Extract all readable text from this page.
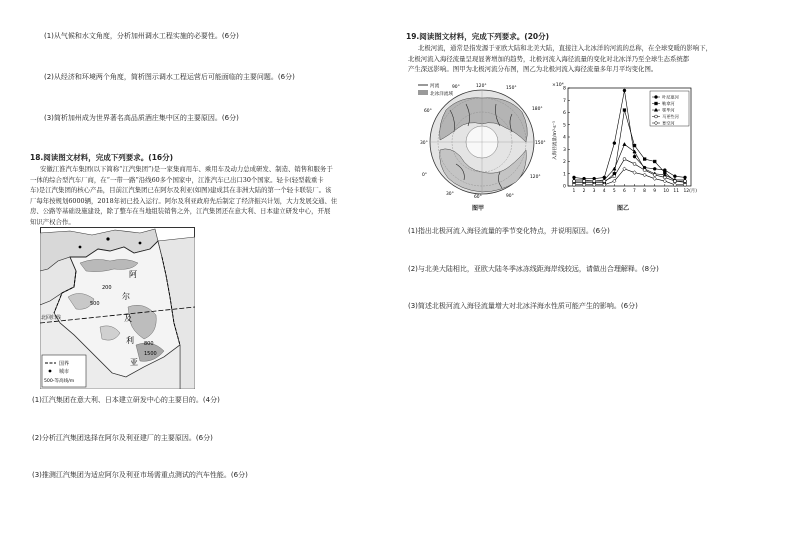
(1)从气候和水文角度，分析加州调水工程实施的必要性。(6分)
(2)从经济和环境两个角度，简析图示调水工程运营后可能面临的主要问题。(6分)
(3)简析加州成为世界著名高品质酒庄集中区的主要原因。(6分)
18.阅读图文材料，完成下列要求。(16分)
安徽江淮汽车集团(以下简称“江汽集团”)是一家集商用车、乘用车及动力总成研发、制造、销售和服务于
一体的综合型汽车厂商，在“一带一路”沿线60多个国家中，江淮汽车已出口30个国家。轻卡(轻型载重卡
车)是江汽集团的核心产品，目前江汽集团已在阿尔及利亚(如图)建成其在非洲大陆的第一个轻卡联装厂。该
厂每年按规划6000辆，2018年初已投入运行。阿尔及利亚政府先后制定了经济振兴计划，大力发展交通、住
房、公路等基础设施建设，除了整车在当地组装销售之外，江汽集团还在意大利、日本建立研发中心，开展
知识产权合作。
北回归线
200
500
800
1500
阿
尔
及
利
亚
国界
城市
500-等高线/m
(1)江汽集团在意大利、日本建立研发中心的主要目的。(4分)
(2)分析江汽集团选择在阿尔及利亚建厂的主要原因。(6分)
(3)推测江汽集团为适应阿尔及利亚市场需重点测试的汽车性能。(6分)
19.阅读图文材料，完成下列要求。(20分)
北极河流，通常是指发源于亚欧大陆和北美大陆，直接注入北冰洋的河流的总称，在全球变暖的影响下，
北极河流入海径流量呈现显著增加的趋势，北极河流入海径流量的变化对北冰洋乃至全球生态系统都
产生深远影响。图甲为北极河流分布图，图乙为北极河流入海径流量多年月平均变化图。
河流
北冰洋流域
90°	120°	150°
180°
150°
120°
90°
60°
30°
0°
30°
60°
图甲
×10⁴
入海径流量/m³·s⁻¹
0
1
2
3
4
5
6
7
8
1 2 3 4 5 6 7 8 9 10 11 12(月)
叶尼塞河
勒拿河
鄂毕河
马更些河
育空河
图乙
(1)指出北极河流入海径流量的季节变化特点，并说明原因。(6分)
(2)与北美大陆相比，亚欧大陆冬季冰冻线距海岸线较远，请做出合理解释。(8分)
(3)简述北极河流入海径流量增大对北冰洋海水性质可能产生的影响。(6分)
